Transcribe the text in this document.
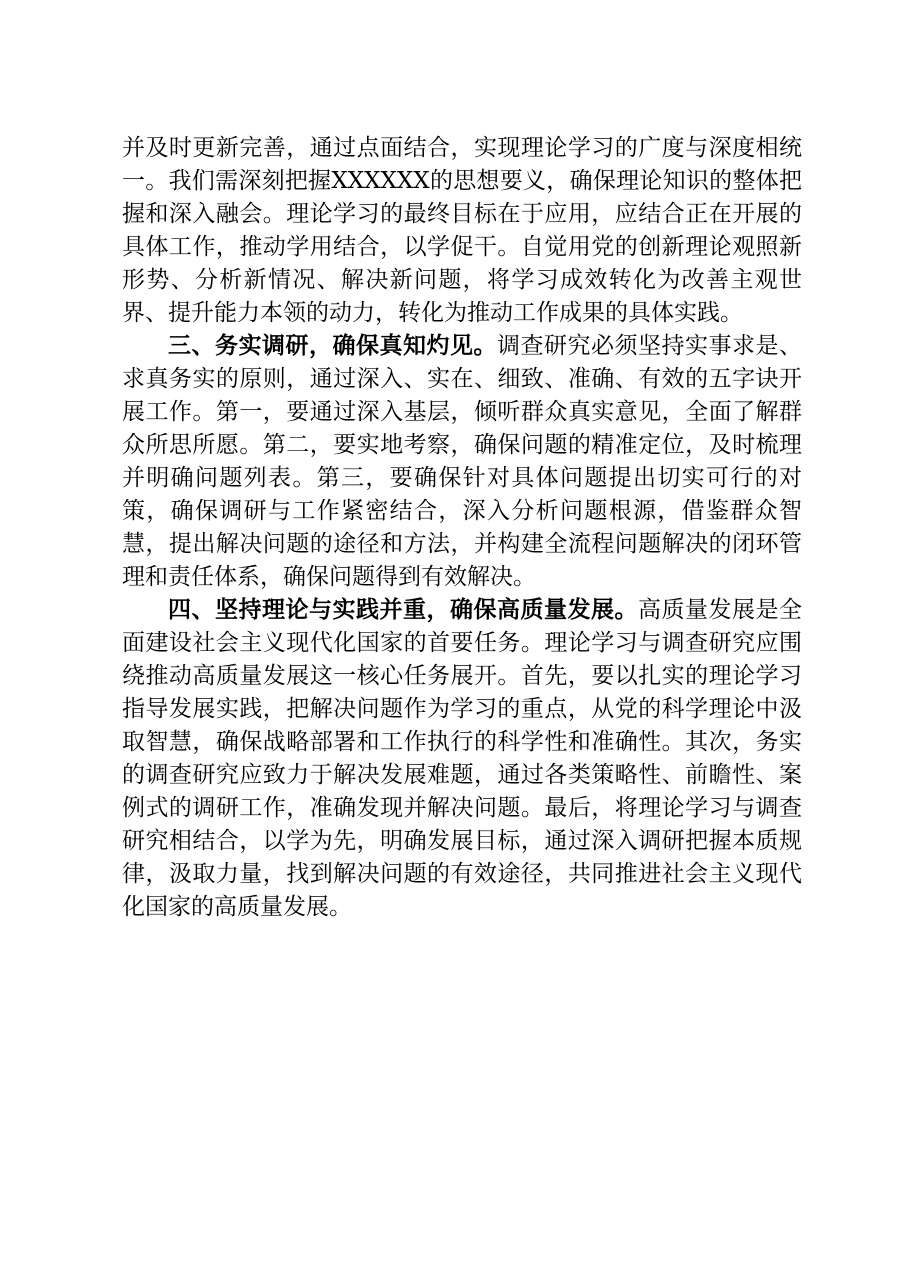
并及时更新完善，通过点面结合，实现理论学习的广度与深度相统一。我们需深刻把握XXXXXX的思想要义，确保理论知识的整体把握和深入融会。理论学习的最终目标在于应用，应结合正在开展的具体工作，推动学用结合，以学促干。自觉用党的创新理论观照新形势、分析新情况、解决新问题，将学习成效转化为改善主观世界、提升能力本领的动力，转化为推动工作成果的具体实践。

三、务实调研，确保真知灼见。调查研究必须坚持实事求是、求真务实的原则，通过深入、实在、细致、准确、有效的五字诀开展工作。第一，要通过深入基层，倾听群众真实意见，全面了解群众所思所愿。第二，要实地考察，确保问题的精准定位，及时梳理并明确问题列表。第三，要确保针对具体问题提出切实可行的对策，确保调研与工作紧密结合，深入分析问题根源，借鉴群众智慧，提出解决问题的途径和方法，并构建全流程问题解决的闭环管理和责任体系，确保问题得到有效解决。

四、坚持理论与实践并重，确保高质量发展。高质量发展是全面建设社会主义现代化国家的首要任务。理论学习与调查研究应围绕推动高质量发展这一核心任务展开。首先，要以扎实的理论学习指导发展实践，把解决问题作为学习的重点，从党的科学理论中汲取智慧，确保战略部署和工作执行的科学性和准确性。其次，务实的调查研究应致力于解决发展难题，通过各类策略性、前瞻性、案例式的调研工作，准确发现并解决问题。最后，将理论学习与调查研究相结合，以学为先，明确发展目标，通过深入调研把握本质规律，汲取力量，找到解决问题的有效途径，共同推进社会主义现代化国家的高质量发展。
